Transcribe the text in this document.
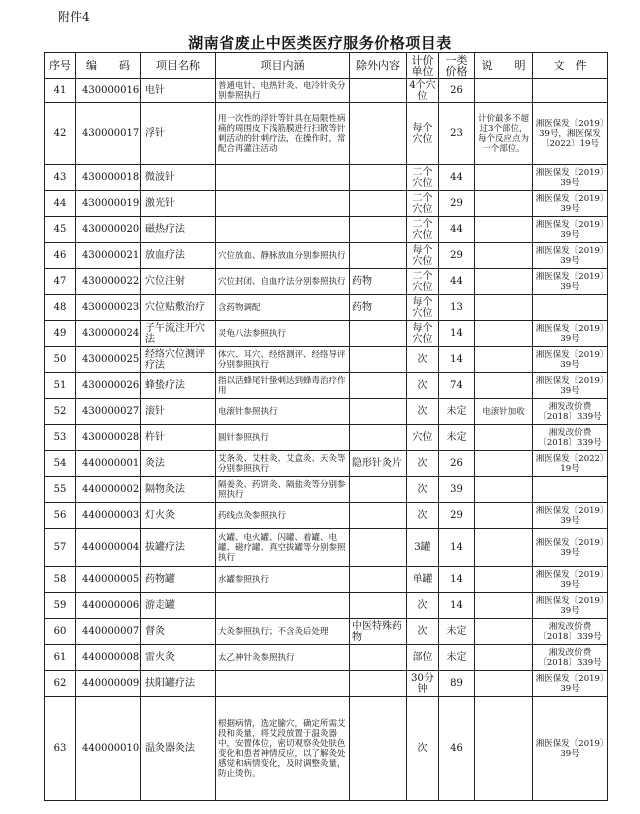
附件4
湖南省废止中医类医疗服务价格项目表
序号	编　　码	项目名称	项目内涵	除外内容	计价单位	一类价格	说　　明	文　件
41	430000016	电针	普通电针、电热针灸、电冷针灸分别参照执行		4个穴位	26		
42	430000017	浮针	用一次性的浮针等针具在局限性病痛的周围皮下浅筋膜进行扫散等针刺活动的针刺疗法，在操作时，常配合再灌注活动		每个穴位	23	计价最多不超过3个部位，每个反应点为一个部位。	湘医保发〔2019〕39号，湘医保发〔2022〕19号
43	430000018	微波针			二个穴位	44		湘医保发〔2019〕39号
44	430000019	激光针			二个穴位	29		湘医保发〔2019〕39号
45	430000020	磁热疗法			二个穴位	44		湘医保发〔2019〕39号
46	430000021	放血疗法	穴位放血、静脉放血分别参照执行		每个穴位	29		湘医保发〔2019〕39号
47	430000022	穴位注射	穴位封闭、自血疗法分别参照执行	药物	二个穴位	44		湘医保发〔2019〕39号
48	430000023	穴位贴敷治疗	含药物调配	药物	每个穴位	13		
49	430000024	子午流注开穴法	灵龟八法参照执行		每个穴位	14		湘医保发〔2019〕39号
50	430000025	经络穴位测评疗法	体穴、耳穴、经络测评、经络导评分别参照执行		次	14		湘医保发〔2019〕39号
51	430000026	蜂蛰疗法	指以活蜂尾针蛰刺达到蜂毒治疗作用		次	74		湘医保发〔2019〕39号
52	430000027	滚针	电滚针参照执行		次	未定	电滚针加收	湘发改价费〔2018〕339号
53	430000028	杵针	圆针参照执行		穴位	未定		湘发改价费〔2018〕339号
54	440000001	灸法	艾条灸、艾柱灸、艾盒灸、天灸等分别参照执行	隐形针灸片	次	26		湘医保发〔2022〕19号
55	440000002	隔物灸法	隔姜灸、药饼灸、隔盐灸等分别参照执行		次	39		
56	440000003	灯火灸	药线点灸参照执行		次	29		湘医保发〔2019〕39号
57	440000004	拔罐疗法	火罐、电火罐、闪罐、着罐、电罐、磁疗罐、真空拔罐等分别参照执行		3罐	14		湘医保发〔2019〕39号
58	440000005	药物罐	水罐参照执行		单罐	14		湘医保发〔2019〕39号
59	440000006	游走罐			次	14		湘医保发〔2019〕39号
60	440000007	督灸	大灸参照执行；不含灸后处理	中医特殊药物	次	未定		湘发改价费〔2018〕339号
61	440000008	雷火灸	太乙神针灸参照执行		部位	未定		湘发改价费〔2018〕339号
62	440000009	扶阳罐疗法			30分钟	89		湘医保发〔2019〕39号
63	440000010	温灸器灸法	根据病情，选定腧穴，确定所需艾段和灸量，将艾段放置于温灸器中，安置体位，密切观察灸处肤色变化和患者神情反应，以了解灸处感觉和病情变化，及时调整灸量，防止烫伤。		次	46		湘医保发〔2019〕39号
